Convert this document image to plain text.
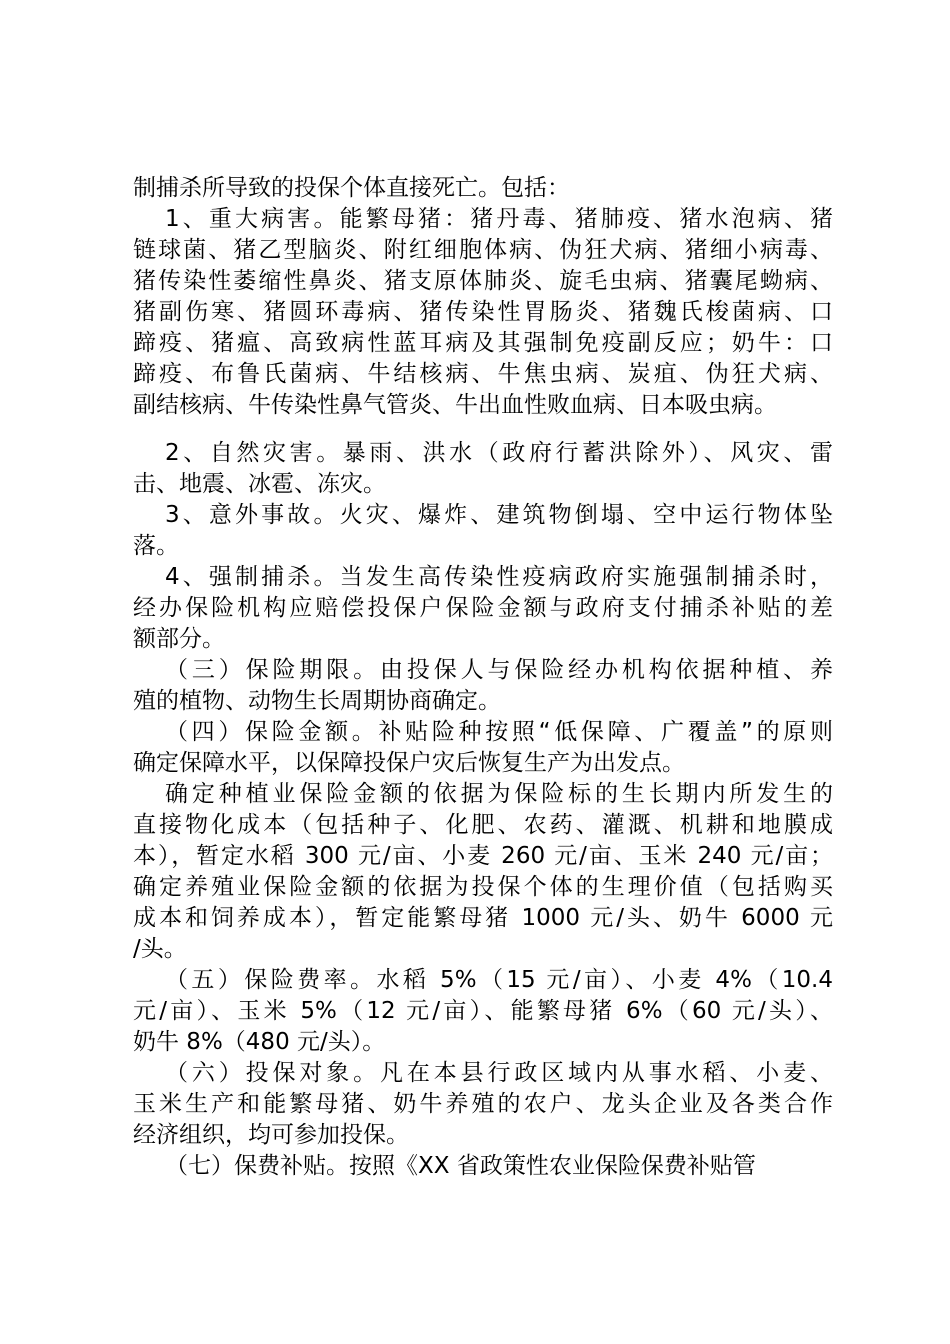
制捕杀所导致的投保个体直接死亡。包括：
1、重大病害。能繁母猪：猪丹毒、猪肺疫、猪水泡病、猪
链球菌、猪乙型脑炎、附红细胞体病、伪狂犬病、猪细小病毒、
猪传染性萎缩性鼻炎、猪支原体肺炎、旋毛虫病、猪囊尾蚴病、
猪副伤寒、猪圆环毒病、猪传染性胃肠炎、猪魏氏梭菌病、口
蹄疫、猪瘟、高致病性蓝耳病及其强制免疫副反应；奶牛：口
蹄疫、布鲁氏菌病、牛结核病、牛焦虫病、炭疽、伪狂犬病、
副结核病、牛传染性鼻气管炎、牛出血性败血病、日本吸虫病。
2、自然灾害。暴雨、洪水（政府行蓄洪除外）、风灾、雷
击、地震、冰雹、冻灾。
3、意外事故。火灾、爆炸、建筑物倒塌、空中运行物体坠
落。
4、强制捕杀。当发生高传染性疫病政府实施强制捕杀时，
经办保险机构应赔偿投保户保险金额与政府支付捕杀补贴的差
额部分。
（三）保险期限。由投保人与保险经办机构依据种植、养
殖的植物、动物生长周期协商确定。
（四）保险金额。补贴险种按照“低保障、广覆盖”的原则
确定保障水平，以保障投保户灾后恢复生产为出发点。
确定种植业保险金额的依据为保险标的生长期内所发生的
直接物化成本（包括种子、化肥、农药、灌溉、机耕和地膜成
本），暂定水稻 300 元/亩、小麦 260 元/亩、玉米 240 元/亩；
确定养殖业保险金额的依据为投保个体的生理价值（包括购买
成本和饲养成本），暂定能繁母猪 1000 元/头、奶牛 6000 元
/头。
（五）保险费率。水稻 5%（15 元/亩）、小麦 4%（10.4
元/亩）、玉米 5%（12 元/亩）、能繁母猪 6%（60 元/头）、
奶牛 8%（480 元/头）。
（六）投保对象。凡在本县行政区域内从事水稻、小麦、
玉米生产和能繁母猪、奶牛养殖的农户、龙头企业及各类合作
经济组织，均可参加投保。
（七）保费补贴。按照《XX 省政策性农业保险保费补贴管
